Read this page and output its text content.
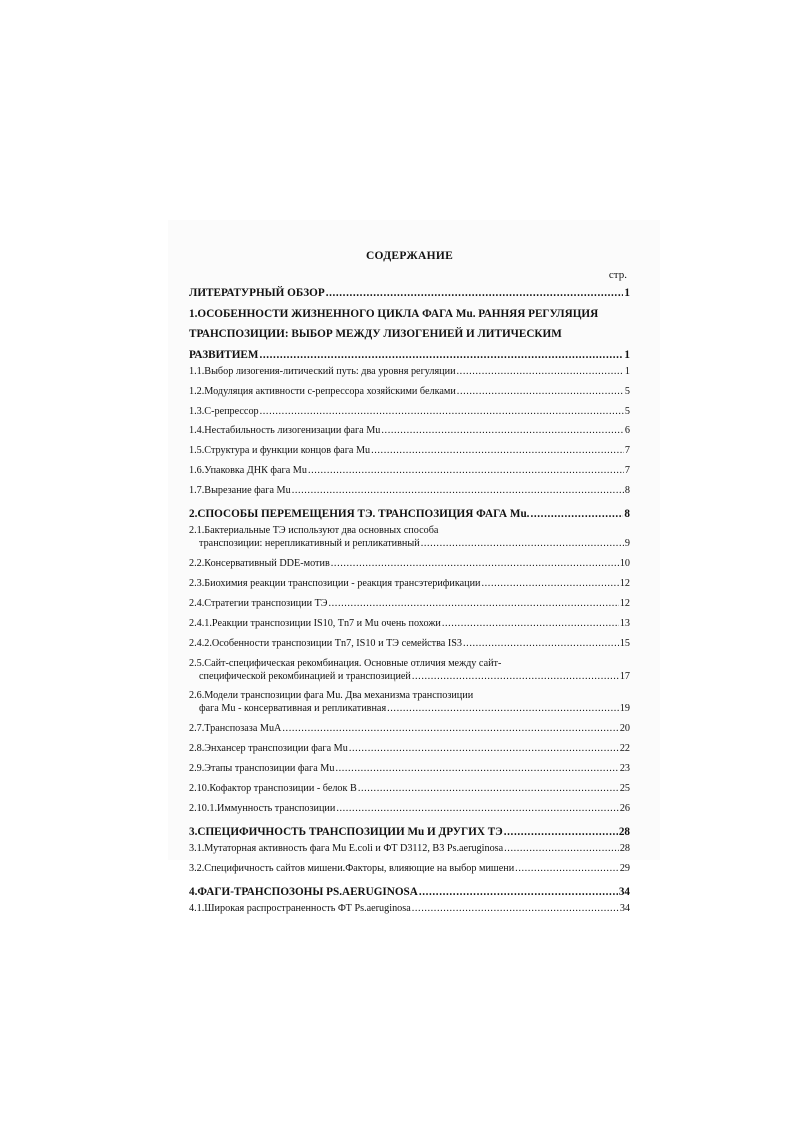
СОДЕРЖАНИЕ
стр.
ЛИТЕРАТУРНЫЙ ОБЗОР .....	1
1.ОСОБЕННОСТИ ЖИЗНЕННОГО ЦИКЛА ФАГА Mu. РАННЯЯ РЕГУЛЯЦИЯ
ТРАНСПОЗИЦИИ: ВЫБОР МЕЖДУ ЛИЗОГЕНИЕЙ И ЛИТИЧЕСКИМ
РАЗВИТИЕМ .....	1
1.1.Выбор лизогения-литический путь: два уровня регуляции .....	1
1.2.Модуляция активности с-репрессора хозяйскими белками .....	5
1.3.С-репрессор .....	5
1.4.Нестабильность лизогенизации фага Mu .....	6
1.5.Структура и функции концов фага Mu .....	7
1.6.Упаковка ДНК фага Mu .....	7
1.7.Вырезание фага Mu .....	8
2.СПОСОБЫ ПЕРЕМЕЩЕНИЯ ТЭ. ТРАНСПОЗИЦИЯ ФАГА Mu. .....	8
2.1.Бактериальные ТЭ используют два основных способа
транспозиции: нерепликативный и репликативный .....	9
2.2.Консервативный DDE-мотив .....	10
2.3.Биохимия реакции транспозиции - реакция трансэтерификации .....	12
2.4.Стратегии транспозиции ТЭ .....	12
2.4.1.Реакции транспозиции IS10, Tn7 и Mu очень похожи .....	13
2.4.2.Особенности транспозиции Tn7, IS10 и ТЭ семейства IS3 .....	15
2.5.Сайт-специфическая рекомбинация. Основные отличия между сайт-
специфической рекомбинацией и транспозицией .....	17
2.6.Модели транспозиции фага Mu. Два механизма транспозиции
фага Mu - консервативная и репликативная .....	19
2.7.Транспозаза MuA .....	20
2.8.Энхансер транспозиции фага Mu .....	22
2.9.Этапы транспозиции фага Mu .....	23
2.10.Кофактор транспозиции - белок B .....	25
2.10.1.Иммунность транспозиции .....	26
3.СПЕЦИФИЧНОСТЬ ТРАНСПОЗИЦИИ Mu И ДРУГИХ ТЭ .....	28
3.1.Мутаторная активность фага Mu E.coli и ФТ D3112, B3 Ps.aeruginosa .....	28
3.2.Специфичность сайтов мишени.Факторы, влияющие на выбор мишени .....	29
4.ФАГИ-ТРАНСПОЗОНЫ PS.AERUGINOSA .....	34
4.1.Широкая распространенность ФТ Ps.aeruginosa .....	34
